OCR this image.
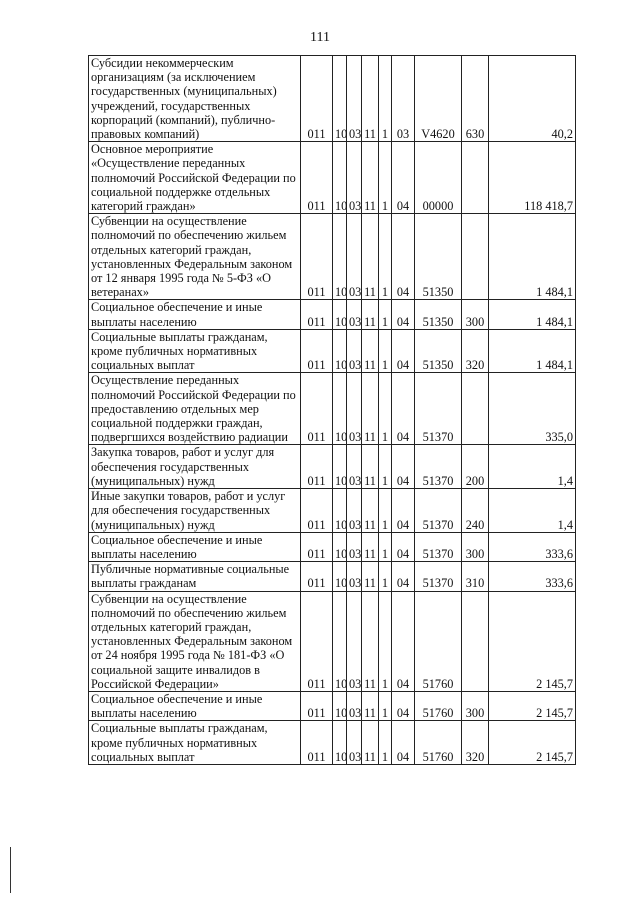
111
Субсидии некоммерческим организациям (за исключением государственных (муниципальных) учреждений, государственных корпораций (компаний), публично-правовых компаний)	011	10	03	11	1	03	V4620	630	40,2
Основное мероприятие «Осуществление переданных полномочий Российской Федерации по социальной поддержке отдельных категорий граждан»	011	10	03	11	1	04	00000		118 418,7
Субвенции на осуществление полномочий по обеспечению жильем отдельных категорий граждан, установленных Федеральным законом от 12 января 1995 года № 5-ФЗ «О ветеранах»	011	10	03	11	1	04	51350		1 484,1
Социальное обеспечение и иные выплаты населению	011	10	03	11	1	04	51350	300	1 484,1
Социальные выплаты гражданам, кроме публичных нормативных социальных выплат	011	10	03	11	1	04	51350	320	1 484,1
Осуществление переданных полномочий Российской Федерации по предоставлению отдельных мер социальной поддержки граждан, подвергшихся воздействию радиации	011	10	03	11	1	04	51370		335,0
Закупка товаров, работ и услуг для обеспечения государственных (муниципальных) нужд	011	10	03	11	1	04	51370	200	1,4
Иные закупки товаров, работ и услуг для обеспечения государственных (муниципальных) нужд	011	10	03	11	1	04	51370	240	1,4
Социальное обеспечение и иные выплаты населению	011	10	03	11	1	04	51370	300	333,6
Публичные нормативные социальные выплаты гражданам	011	10	03	11	1	04	51370	310	333,6
Субвенции на осуществление полномочий по обеспечению жильем отдельных категорий граждан, установленных Федеральным законом от 24 ноября 1995 года № 181-ФЗ «О социальной защите инвалидов в Российской Федерации»	011	10	03	11	1	04	51760		2 145,7
Социальное обеспечение и иные выплаты населению	011	10	03	11	1	04	51760	300	2 145,7
Социальные выплаты гражданам, кроме публичных нормативных социальных выплат	011	10	03	11	1	04	51760	320	2 145,7
